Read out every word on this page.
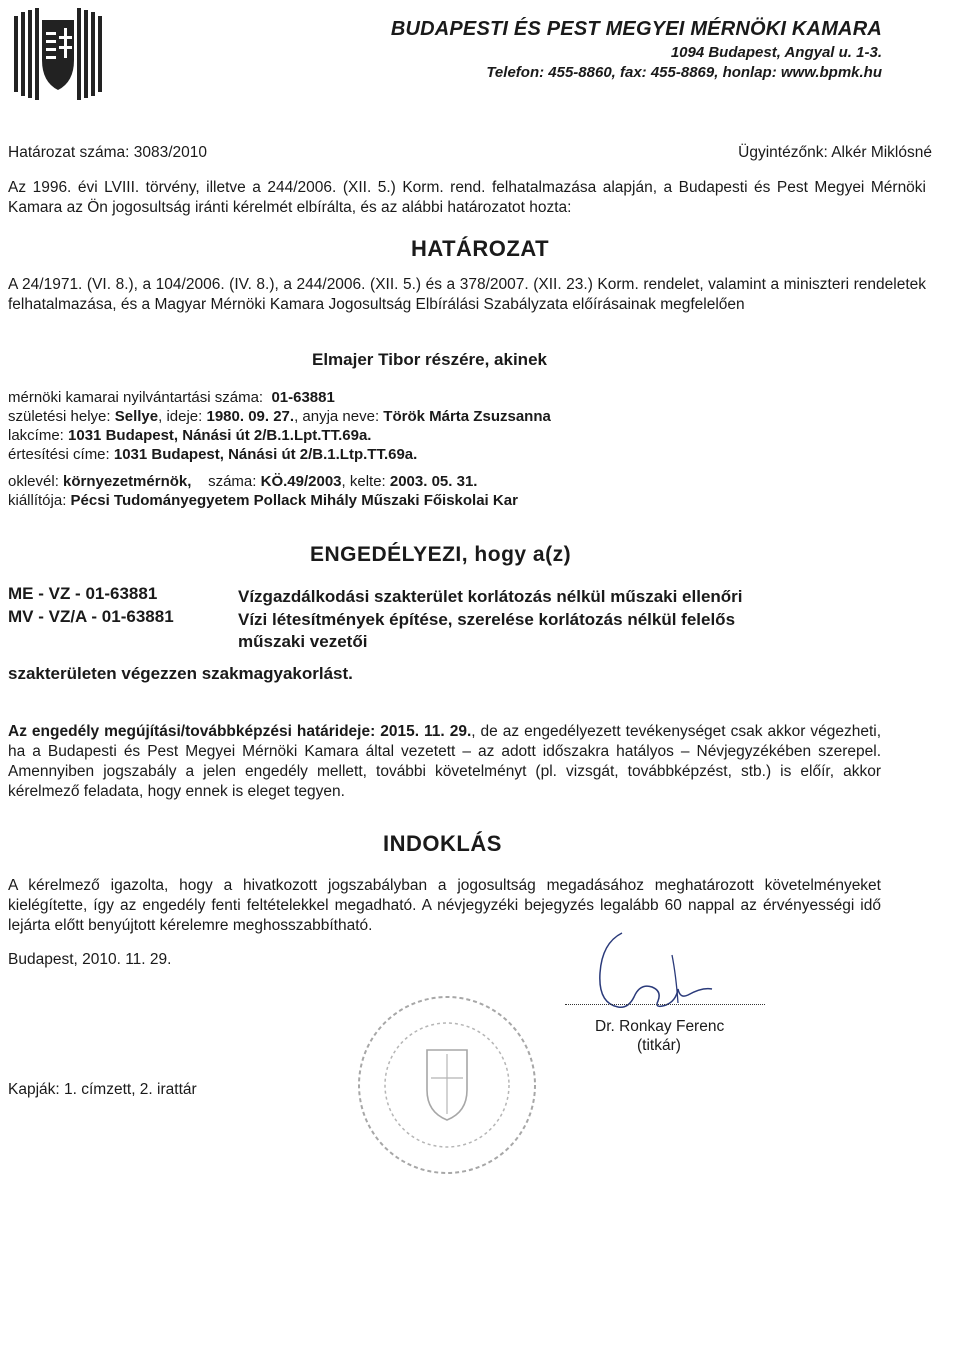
BUDAPESTI ÉS PEST MEGYEI MÉRNÖKI KAMARA
1094 Budapest, Angyal u. 1-3.
Telefon: 455-8860, fax: 455-8869, honlap: www.bpmk.hu
Határozat száma: 3083/2010	Ügyintézőnk: Alkér Miklósné
Az 1996. évi LVIII. törvény, illetve a 244/2006. (XII. 5.) Korm. rend. felhatalmazása alapján, a Budapesti és Pest Megyei Mérnöki Kamara az Ön jogosultság iránti kérelmét elbírálta, és az alábbi határozatot hozta:
HATÁROZAT
A 24/1971. (VI. 8.), a 104/2006. (IV. 8.), a 244/2006. (XII. 5.) és a 378/2007. (XII. 23.) Korm. rendelet, valamint a miniszteri rendeletek felhatalmazása, és a Magyar Mérnöki Kamara Jogosultság Elbírálási Szabályzata előírásainak megfelelően
Elmajer Tibor részére, akinek
mérnöki kamarai nyilvántartási száma: 01-63881
születési helye: Sellye, ideje: 1980. 09. 27., anyja neve: Török Márta Zsuzsanna
lakcíme: 1031 Budapest, Nánási út 2/B.1.Lpt.TT.69a.
értesítési címe: 1031 Budapest, Nánási út 2/B.1.Ltp.TT.69a.
oklevél: környezetmérnök, száma: KÖ.49/2003, kelte: 2003. 05. 31.
kiállítója: Pécsi Tudományegyetem Pollack Mihály Műszaki Főiskolai Kar
ENGEDÉLYEZI, hogy a(z)
ME - VZ - 01-63881	Vízgazdálkodási szakterület korlátozás nélkül műszaki ellenőri
MV - VZ/A - 01-63881	Vízi létesítmények építése, szerelése korlátozás nélkül felelős műszaki vezetői
szakterületen végezzen szakmagyakorlást.
Az engedély megújítási/továbbképzési határideje: 2015. 11. 29., de az engedélyezett tevékenységet csak akkor végezheti, ha a Budapesti és Pest Megyei Mérnöki Kamara által vezetett – az adott időszakra hatályos – Névjegyzékében szerepel. Amennyiben jogszabály a jelen engedély mellett, további követelményt (pl. vizsgát, továbbképzést, stb.) is előír, akkor kérelmező feladata, hogy ennek is eleget tegyen.
INDOKLÁS
A kérelmező igazolta, hogy a hivatkozott jogszabályban a jogosultság megadásához meghatározott követelményeket kielégítette, így az engedély fenti feltételekkel megadható. A névjegyzéki bejegyzés legalább 60 nappal az érvényességi idő lejárta előtt benyújtott kérelemre meghosszabbítható.
Budapest, 2010. 11. 29.
Dr. Ronkay Ferenc
(titkár)
Kapják: 1. címzett, 2. irattár
